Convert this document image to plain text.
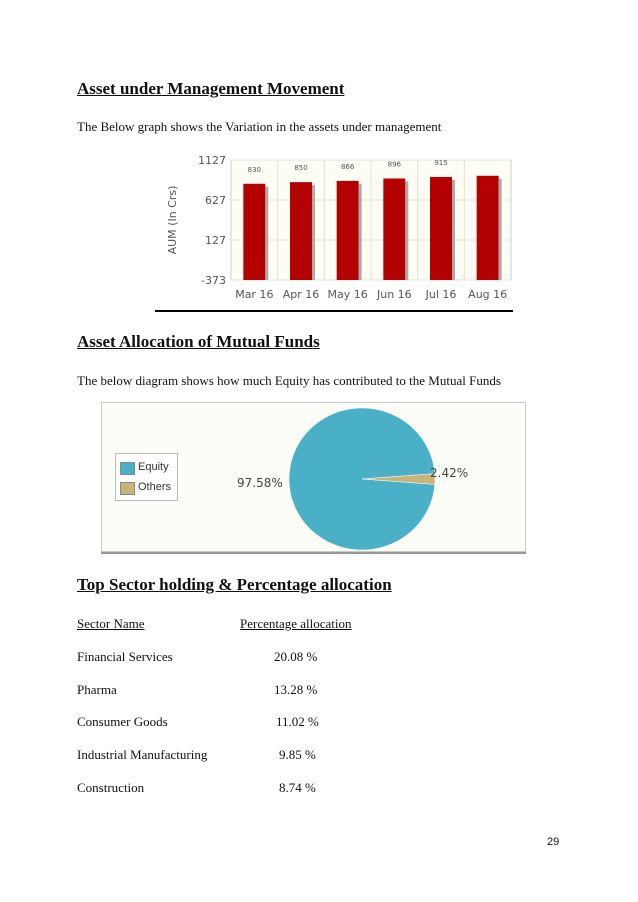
Asset under Management Movement

The Below graph shows the Variation in the assets under management

1127
627
127
-373
AUM (In Crs)
830
Mar 16
850
Apr 16
866
May 16
896
Jun 16
915
Jul 16 Aug 16
Asset Allocation of Mutual Funds

The below diagram shows how much Equity has contributed to the Mutual Funds

2.42%
97.58%
Equity
Others
Top Sector holding & Percentage allocation
Sector Name	Percentage allocation
Financial Services	20.08 %
Pharma	13.28 %
Consumer Goods	11.02 %
Industrial Manufacturing	9.85 %
Construction	8.74 %
29
